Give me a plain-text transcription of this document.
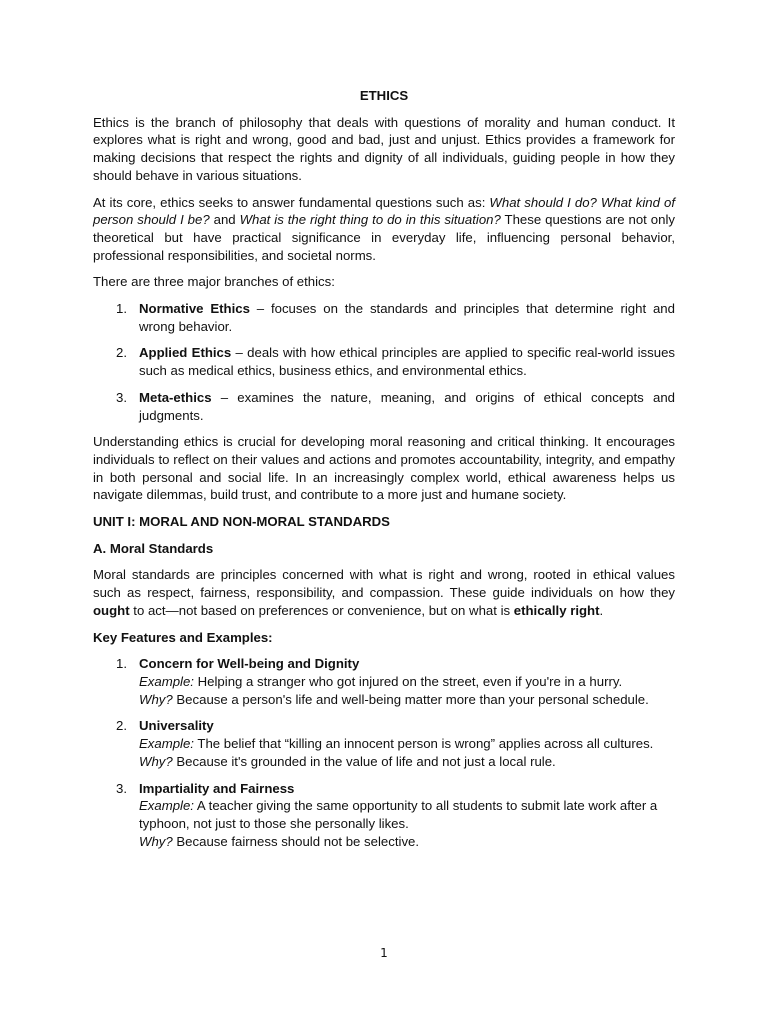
ETHICS

Ethics is the branch of philosophy that deals with questions of morality and human conduct. It explores what is right and wrong, good and bad, just and unjust. Ethics provides a framework for making decisions that respect the rights and dignity of all individuals, guiding people in how they should behave in various situations.

At its core, ethics seeks to answer fundamental questions such as: What should I do? What kind of person should I be? and What is the right thing to do in this situation? These questions are not only theoretical but have practical significance in everyday life, influencing personal behavior, professional responsibilities, and societal norms.

There are three major branches of ethics:

1. Normative Ethics – focuses on the standards and principles that determine right and wrong behavior.
2. Applied Ethics – deals with how ethical principles are applied to specific real-world issues such as medical ethics, business ethics, and environmental ethics.
3. Meta-ethics – examines the nature, meaning, and origins of ethical concepts and judgments.

Understanding ethics is crucial for developing moral reasoning and critical thinking. It encourages individuals to reflect on their values and actions and promotes accountability, integrity, and empathy in both personal and social life. In an increasingly complex world, ethical awareness helps us navigate dilemmas, build trust, and contribute to a more just and humane society.

UNIT I: MORAL AND NON-MORAL STANDARDS
A. Moral Standards

Moral standards are principles concerned with what is right and wrong, rooted in ethical values such as respect, fairness, responsibility, and compassion. These guide individuals on how they ought to act—not based on preferences or convenience, but on what is ethically right.

Key Features and Examples:
1. Concern for Well-being and Dignity
Example: Helping a stranger who got injured on the street, even if you're in a hurry.
Why? Because a person's life and well-being matter more than your personal schedule.
2. Universality
Example: The belief that “killing an innocent person is wrong” applies across all cultures.
Why? Because it's grounded in the value of life and not just a local rule.
3. Impartiality and Fairness
Example: A teacher giving the same opportunity to all students to submit late work after a typhoon, not just to those she personally likes.
Why? Because fairness should not be selective.
1
